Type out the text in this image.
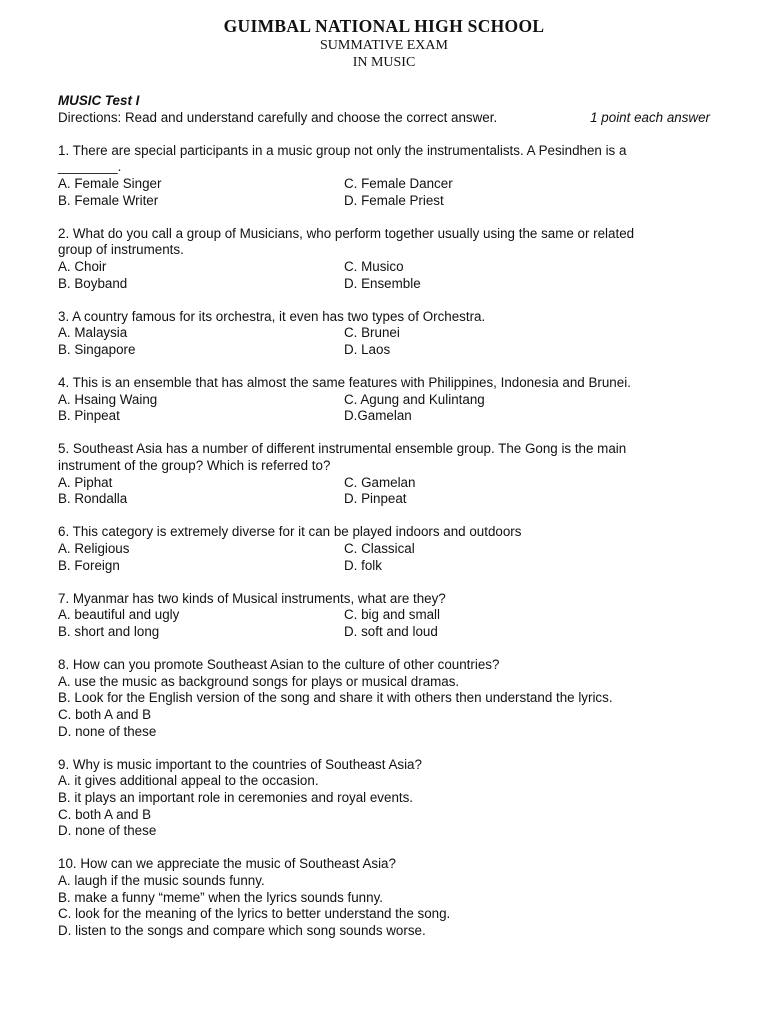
GUIMBAL NATIONAL HIGH SCHOOL
SUMMATIVE EXAM
IN MUSIC
MUSIC Test I
Directions: Read and understand carefully and choose the correct answer.	1 point each answer
1. There are special participants in a music group not only the instrumentalists. A Pesindhen is a ________.
A. Female Singer	C. Female Dancer
B. Female Writer	D. Female Priest
2. What do you call a group of Musicians, who perform together usually using the same or related group of instruments.
A. Choir	C. Musico
B. Boyband	D. Ensemble
3. A country famous for its orchestra, it even has two types of Orchestra.
A. Malaysia	C. Brunei
B. Singapore	D. Laos
4. This is an ensemble that has almost the same features with Philippines, Indonesia and Brunei.
A. Hsaing Waing	C. Agung and Kulintang
B. Pinpeat	D.Gamelan
5. Southeast Asia has a number of different instrumental ensemble group. The Gong is the main instrument of the group? Which is referred to?
A. Piphat	C. Gamelan
B. Rondalla	D. Pinpeat
6. This category is extremely diverse for it can be played indoors and outdoors
A. Religious	C. Classical
B. Foreign	D. folk
7. Myanmar has two kinds of Musical instruments, what are they?
A. beautiful and ugly	C. big and small
B. short and long	D. soft and loud
8. How can you promote Southeast Asian to the culture of other countries?
A. use the music as background songs for plays or musical dramas.
B. Look for the English version of the song and share it with others then understand the lyrics.
C. both A and B
D. none of these
9. Why is music important to the countries of Southeast Asia?
A. it gives additional appeal to the occasion.
B. it plays an important role in ceremonies and royal events.
C. both A and B
D. none of these
10. How can we appreciate the music of Southeast Asia?
A. laugh if the music sounds funny.
B. make a funny “meme” when the lyrics sounds funny.
C. look for the meaning of the lyrics to better understand the song.
D. listen to the songs and compare which song sounds worse.
